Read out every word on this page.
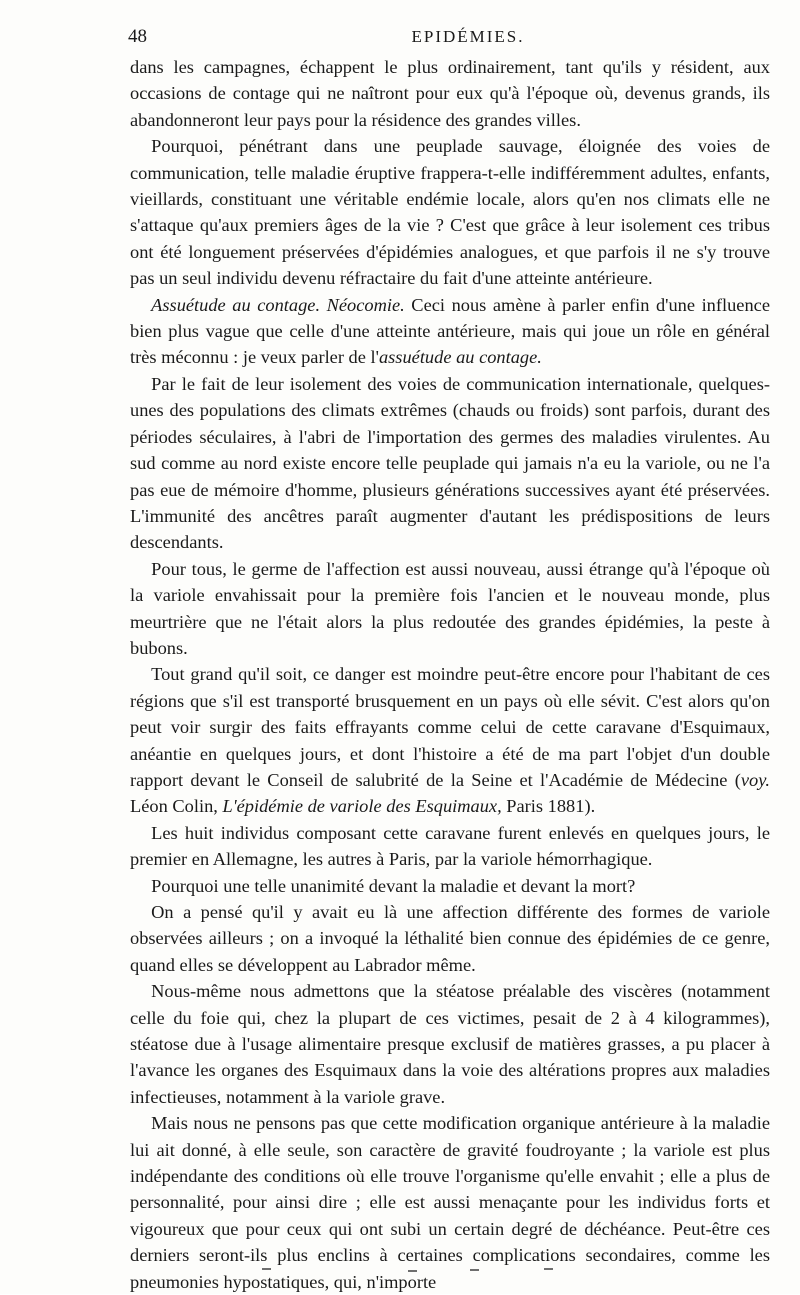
48	EPIDÉMIES.

dans les campagnes, échappent le plus ordinairement, tant qu'ils y résident, aux occasions de contage qui ne naîtront pour eux qu'à l'époque où, devenus grands, ils abandonneront leur pays pour la résidence des grandes villes.

Pourquoi, pénétrant dans une peuplade sauvage, éloignée des voies de communication, telle maladie éruptive frappera-t-elle indifféremment adultes, enfants, vieillards, constituant une véritable endémie locale, alors qu'en nos climats elle ne s'attaque qu'aux premiers âges de la vie ? C'est que grâce à leur isolement ces tribus ont été longuement préservées d'épidémies analogues, et que parfois il ne s'y trouve pas un seul individu devenu réfractaire du fait d'une atteinte antérieure.

Assuétude au contage. Néocomie. Ceci nous amène à parler enfin d'une influence bien plus vague que celle d'une atteinte antérieure, mais qui joue un rôle en général très méconnu : je veux parler de l'assuétude au contage.

Par le fait de leur isolement des voies de communication internationale, quelques-unes des populations des climats extrêmes (chauds ou froids) sont parfois, durant des périodes séculaires, à l'abri de l'importation des germes des maladies virulentes. Au sud comme au nord existe encore telle peuplade qui jamais n'a eu la variole, ou ne l'a pas eue de mémoire d'homme, plusieurs générations successives ayant été préservées. L'immunité des ancêtres paraît augmenter d'autant les prédispositions de leurs descendants.

Pour tous, le germe de l'affection est aussi nouveau, aussi étrange qu'à l'époque où la variole envahissait pour la première fois l'ancien et le nouveau monde, plus meurtrière que ne l'était alors la plus redoutée des grandes épidémies, la peste à bubons.

Tout grand qu'il soit, ce danger est moindre peut-être encore pour l'habitant de ces régions que s'il est transporté brusquement en un pays où elle sévit. C'est alors qu'on peut voir surgir des faits effrayants comme celui de cette caravane d'Esquimaux, anéantie en quelques jours, et dont l'histoire a été de ma part l'objet d'un double rapport devant le Conseil de salubrité de la Seine et l'Académie de Médecine (voy. Léon Colin, L'épidémie de variole des Esquimaux, Paris 1881).

Les huit individus composant cette caravane furent enlevés en quelques jours, le premier en Allemagne, les autres à Paris, par la variole hémorrhagique.

Pourquoi une telle unanimité devant la maladie et devant la mort?

On a pensé qu'il y avait eu là une affection différente des formes de variole observées ailleurs ; on a invoqué la léthalité bien connue des épidémies de ce genre, quand elles se développent au Labrador même.

Nous-même nous admettons que la stéatose préalable des viscères (notamment celle du foie qui, chez la plupart de ces victimes, pesait de 2 à 4 kilogrammes), stéatose due à l'usage alimentaire presque exclusif de matières grasses, a pu placer à l'avance les organes des Esquimaux dans la voie des altérations propres aux maladies infectieuses, notamment à la variole grave.

Mais nous ne pensons pas que cette modification organique antérieure à la maladie lui ait donné, à elle seule, son caractère de gravité foudroyante ; la variole est plus indépendante des conditions où elle trouve l'organisme qu'elle envahit ; elle a plus de personnalité, pour ainsi dire ; elle est aussi menaçante pour les individus forts et vigoureux que pour ceux qui ont subi un certain degré de déchéance. Peut-être ces derniers seront-ils plus enclins à certaines complications secondaires, comme les pneumonies hypostatiques, qui, n'importe
